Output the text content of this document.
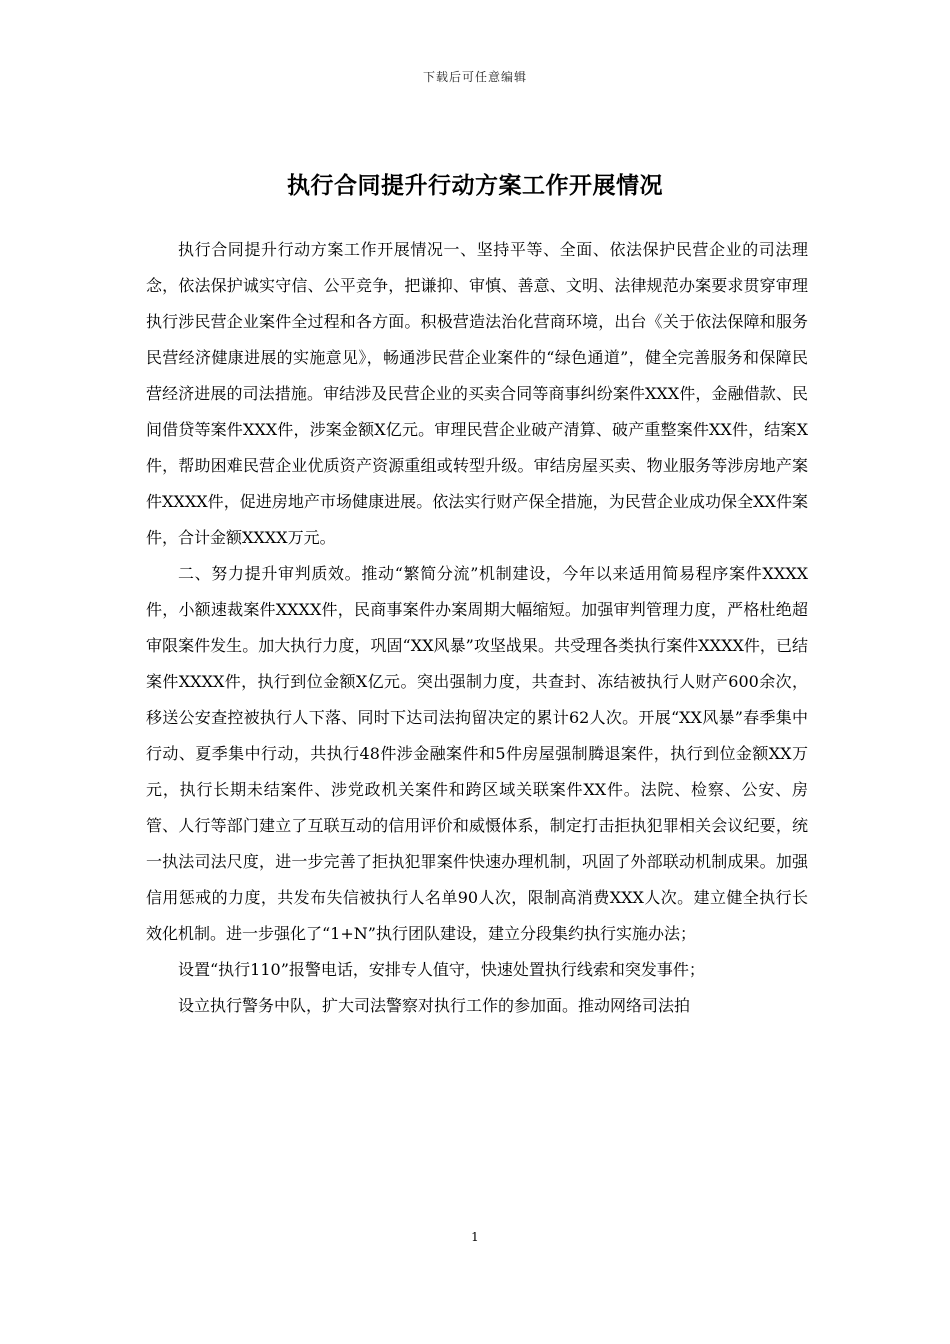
下载后可任意编辑
执行合同提升行动方案工作开展情况

执行合同提升行动方案工作开展情况一、坚持平等、全面、依法保护民营企业的司法理念，依法保护诚实守信、公平竞争，把谦抑、审慎、善意、文明、法律规范办案要求贯穿审理执行涉民营企业案件全过程和各方面。积极营造法治化营商环境，出台《关于依法保障和服务民营经济健康进展的实施意见》，畅通涉民营企业案件的“绿色通道”，健全完善服务和保障民营经济进展的司法措施。审结涉及民营企业的买卖合同等商事纠纷案件XXX件，金融借款、民间借贷等案件XXX件，涉案金额X亿元。审理民营企业破产清算、破产重整案件XX件，结案X件，帮助困难民营企业优质资产资源重组或转型升级。审结房屋买卖、物业服务等涉房地产案件XXXX件，促进房地产市场健康进展。依法实行财产保全措施，为民营企业成功保全XX件案件，合计金额XXXX万元。

二、努力提升审判质效。推动“繁简分流”机制建设，今年以来适用简易程序案件XXXX件，小额速裁案件XXXX件，民商事案件办案周期大幅缩短。加强审判管理力度，严格杜绝超审限案件发生。加大执行力度，巩固“XX风暴”攻坚战果。共受理各类执行案件XXXX件，已结案件XXXX件，执行到位金额X亿元。突出强制力度，共查封、冻结被执行人财产600余次，移送公安查控被执行人下落、同时下达司法拘留决定的累计62人次。开展“XX风暴”春季集中行动、夏季集中行动，共执行48件涉金融案件和5件房屋强制腾退案件，执行到位金额XX万元，执行长期未结案件、涉党政机关案件和跨区域关联案件XX件。法院、检察、公安、房管、人行等部门建立了互联互动的信用评价和威慑体系，制定打击拒执犯罪相关会议纪要，统一执法司法尺度，进一步完善了拒执犯罪案件快速办理机制，巩固了外部联动机制成果。加强信用惩戒的力度，共发布失信被执行人名单90人次，限制高消费XXX人次。建立健全执行长效化机制。进一步强化了“1+N”执行团队建设，建立分段集约执行实施办法；

设置“执行110”报警电话，安排专人值守，快速处置执行线索和突发事件；

设立执行警务中队，扩大司法警察对执行工作的参加面。推动网络司法拍

1
